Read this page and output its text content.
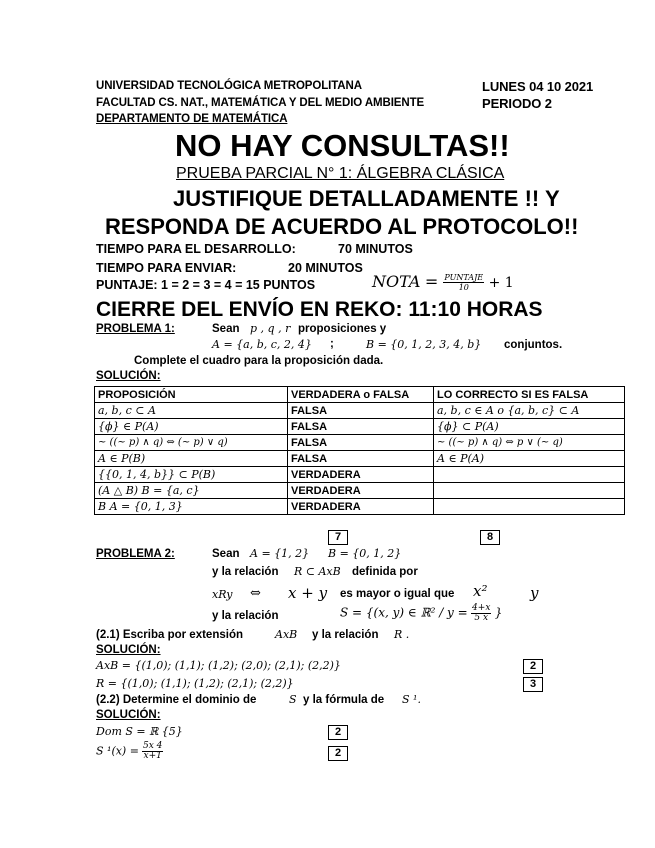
UNIVERSIDAD TECNOLÓGICA METROPOLITANA	LUNES 04 10 2021
FACULTAD CS. NAT., MATEMÁTICA Y DEL MEDIO AMBIENTE	PERIODO 2
DEPARTAMENTO DE MATEMÁTICA
NO HAY CONSULTAS!!
PRUEBA PARCIAL N° 1: ÁLGEBRA CLÁSICA
JUSTIFIQUE DETALLADAMENTE !! Y
RESPONDA DE ACUERDO AL PROTOCOLO!!
TIEMPO PARA EL DESARROLLO:	70 MINUTOS
TIEMPO PARA ENVIAR:	20 MINUTOS
PUNTAJE: 1 = 2 = 3 = 4 = 15 PUNTOS	NOTA = $\frac{\text{PUNTAJE}}{10} + 1$
CIERRE DEL ENVÍO EN REKO: 11:10 HORAS
PROBLEMA 1:	Sean p , q , r proposiciones y
A = {a, b, c, 2, 4} ;	B = {0, 1, 2, 3, 4, b} conjuntos.
Complete el cuadro para la proposición dada.
SOLUCIÓN:
PROPOSICIÓN	VERDADERA o FALSA	LO CORRECTO SI ES FALSA
a, b, c ⊂ A	FALSA	a, b, c ∈ A o {a, b, c} ⊂ A
{ϕ} ∈ P(A)	FALSA	{ϕ} ⊂ P(A)
~ ((~ p) ∧ q) ⇔ (~ p) ∨ q)	FALSA	~ ((~ p) ∧ q) ⇔ p ∨ (~ q)
A ∈ P(B)	FALSA	A ∈ P(A)
{{0, 1, 4, b}} ⊂ P(B)	VERDADERA	
(A △ B) B = {a, c}	VERDADERA	
B A = {0, 1, 3}	VERDADERA	
7	8
PROBLEMA 2:	Sean A = {1, 2} B = {0, 1, 2}
y la relación R ⊂ AxB definida por
xRy ⇔ x + y es mayor o igual que x²	y
y la relación	S = {(x, y) ∈ ℝ² / $y = \frac{4+x}{5 x}$ }
(2.1) Escriba por extensión	AxB y la relación R .
SOLUCIÓN:
AxB = {(1,0); (1,1); (1,2); (2,0); (2,1); (2,2)}	2
R = {(1,0); (1,1); (1,2); (2,1); (2,2)}	3
(2.2) Determine el dominio de	S y la fórmula de S ¹.
SOLUCIÓN:
Dom S = ℝ {5}	2
S $^1(x) = \frac{5x 4}{x+1}$	2
